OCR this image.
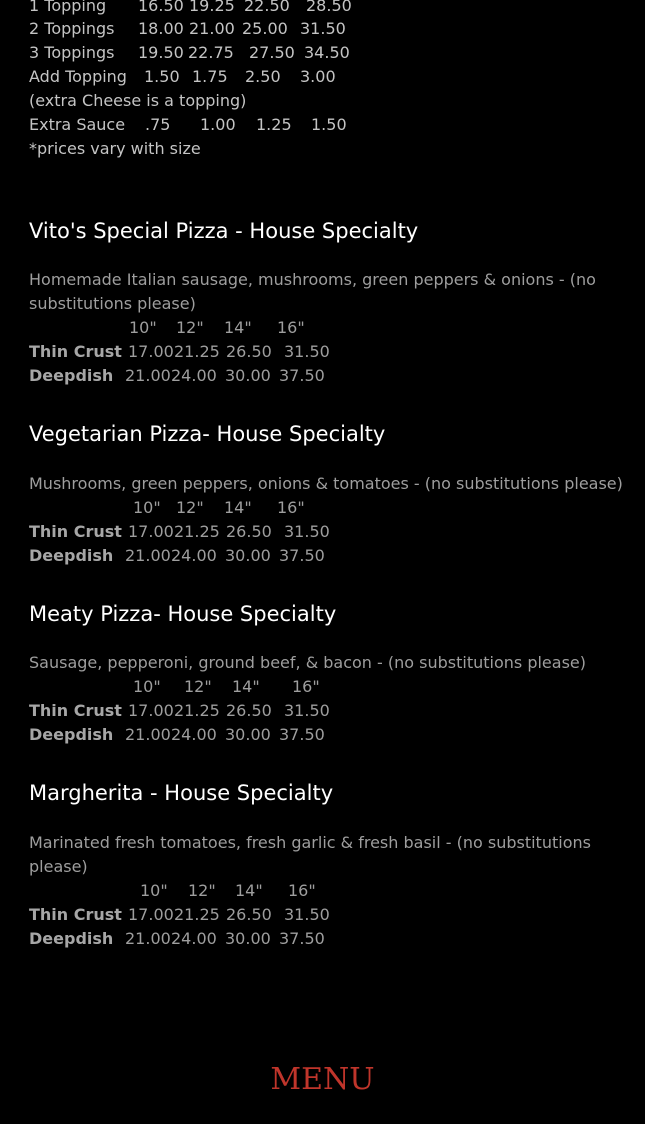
1 Topping

16.50

19.25

22.50

28.50

2 Toppings

18.00

21.00

25.00

31.50

3 Toppings

19.50

22.75

27.50

34.50

Add Topping

1.50

1.75

2.50

3.00

(extra Cheese is a topping)

Extra Sauce

.75

1.00

1.25

1.50

*prices vary with size

Vito's Special Pizza - House Specialty
Homemade Italian sausage, mushrooms, green peppers & onions - (no substitutions please)

10"

12"

14"

16"

Thin Crust

17.00

21.25

26.50

31.50

Deepdish

21.00

24.00

30.00

37.50

Vegetarian Pizza- House Specialty
Mushrooms, green peppers, onions & tomatoes - (no substitutions please)

10"

12"

14"

16"

Thin Crust

17.00

21.25

26.50

31.50

Deepdish

21.00

24.00

30.00

37.50

Meaty Pizza- House Specialty
Sausage, pepperoni, ground beef, & bacon - (no substitutions please)

10"

12"

14"

16"

Thin Crust

17.00

21.25

26.50

31.50

Deepdish

21.00

24.00

30.00

37.50

Margherita - House Specialty
Marinated fresh tomatoes, fresh garlic & fresh basil - (no substitutions please)

10"

12"

14"

16"

Thin Crust

17.00

21.25

26.50

31.50

Deepdish

21.00

24.00

30.00

37.50

MENU
